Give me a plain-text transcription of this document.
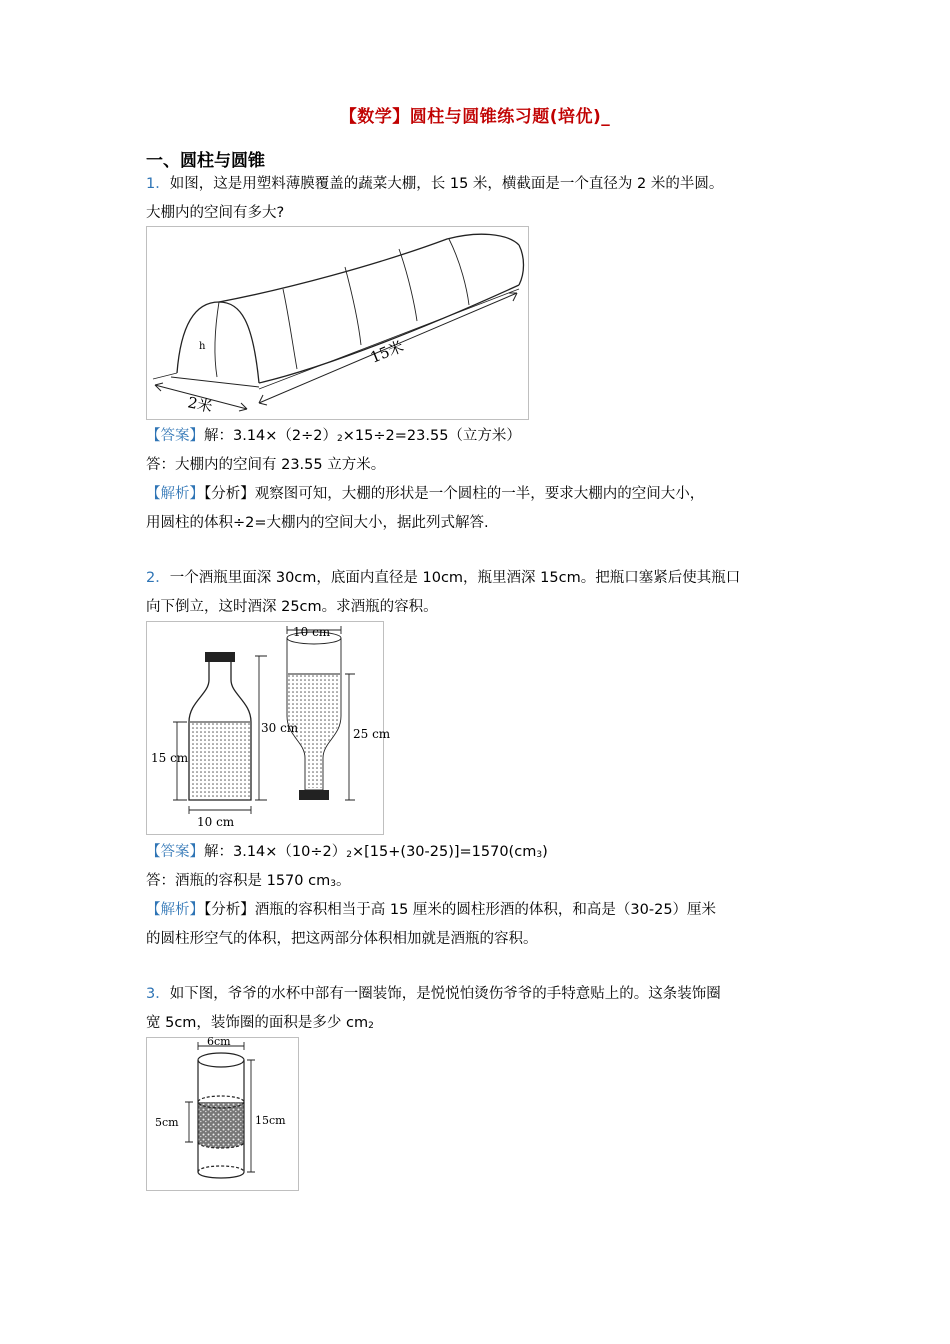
【数学】圆柱与圆锥练习题(培优)_
一、圆柱与圆锥
1．如图，这是用塑料薄膜覆盖的蔬菜大棚，长 15 米，横截面是一个直径为 2 米的半圆。
大棚内的空间有多大?
2米
15米
h
【答案】解：$3.14\times(2\div 2)^2\times 15\div 2=23.55$（立方米）
答：大棚内的空间有 23.55 立方米。
【解析】【分析】观察图可知，大棚的形状是一个圆柱的一半，要求大棚内的空间大小，
用圆柱的体积÷2=大棚内的空间大小，据此列式解答.
2．一个酒瓶里面深 30cm，底面内直径是 10cm，瓶里酒深 15cm。把瓶口塞紧后使其瓶口
向下倒立，这时酒深 25cm。求酒瓶的容积。
15 cm
30 cm
10 cm
10 cm
25 cm
【答案】解：$3.14\times(10\div 2)^2\times[15+(30-25)]=1570(cm^3)$
答：酒瓶的容积是 1570 $cm^3$。
【解析】【分析】酒瓶的容积相当于高 15 厘米的圆柱形酒的体积，和高是（30-25）厘米
的圆柱形空气的体积，把这两部分体积相加就是酒瓶的容积。
3．如下图，爷爷的水杯中部有一圈装饰，是悦悦怕烫伤爷爷的手特意贴上的。这条装饰圈
宽 5cm，装饰圈的面积是多少 $cm^2$
6cm
5cm	15cm
